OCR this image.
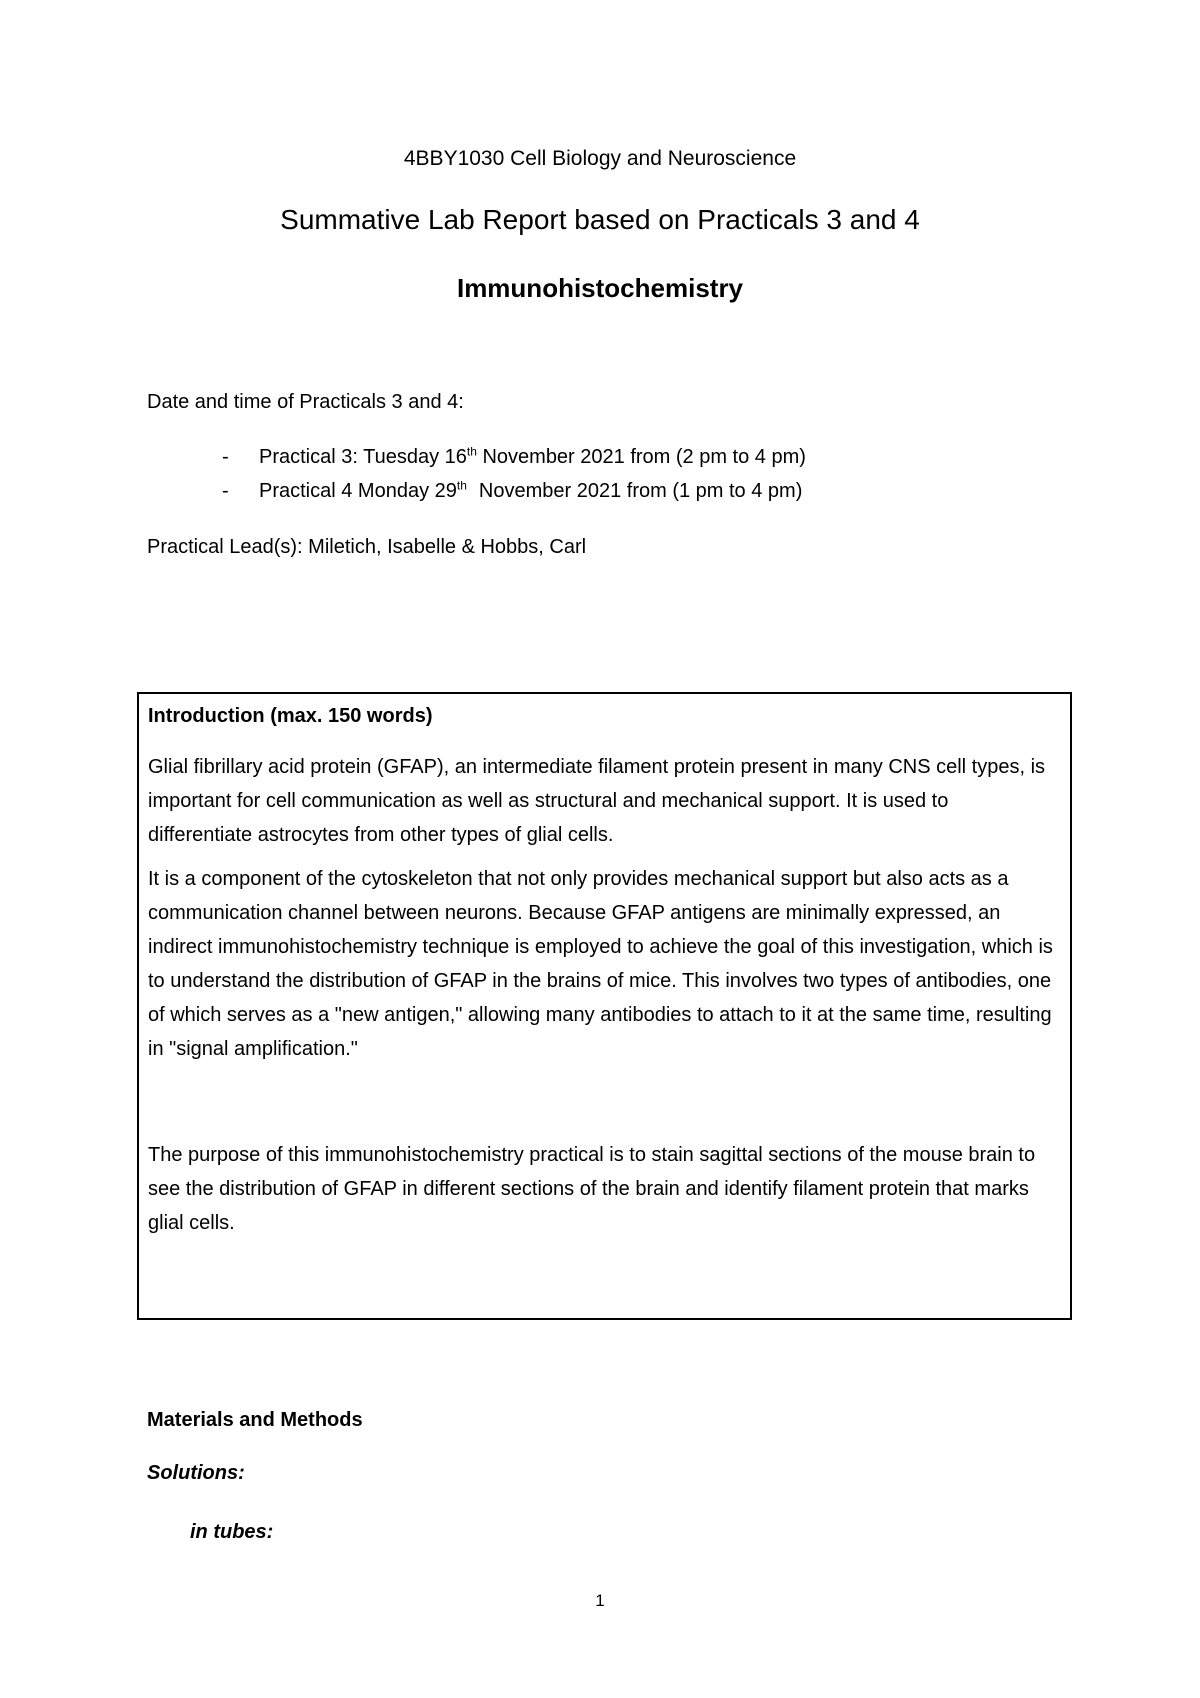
4BBY1030 Cell Biology and Neuroscience
Summative Lab Report based on Practicals 3 and 4
Immunohistochemistry
Date and time of Practicals 3 and 4:
- Practical 3: Tuesday 16th November 2021 from (2 pm to 4 pm)
- Practical 4 Monday 29th November 2021 from (1 pm to 4 pm)
Practical Lead(s): Miletich, Isabelle & Hobbs, Carl

Introduction (max. 150 words)

Glial fibrillary acid protein (GFAP), an intermediate filament protein present in many CNS cell types, is important for cell communication as well as structural and mechanical support. It is used to differentiate astrocytes from other types of glial cells.

It is a component of the cytoskeleton that not only provides mechanical support but also acts as a communication channel between neurons. Because GFAP antigens are minimally expressed, an indirect immunohistochemistry technique is employed to achieve the goal of this investigation, which is to understand the distribution of GFAP in the brains of mice. This involves two types of antibodies, one of which serves as a "new antigen," allowing many antibodies to attach to it at the same time, resulting in "signal amplification."

The purpose of this immunohistochemistry practical is to stain sagittal sections of the mouse brain to see the distribution of GFAP in different sections of the brain and identify filament protein that marks glial cells.

Materials and Methods
Solutions:
in tubes:
1
